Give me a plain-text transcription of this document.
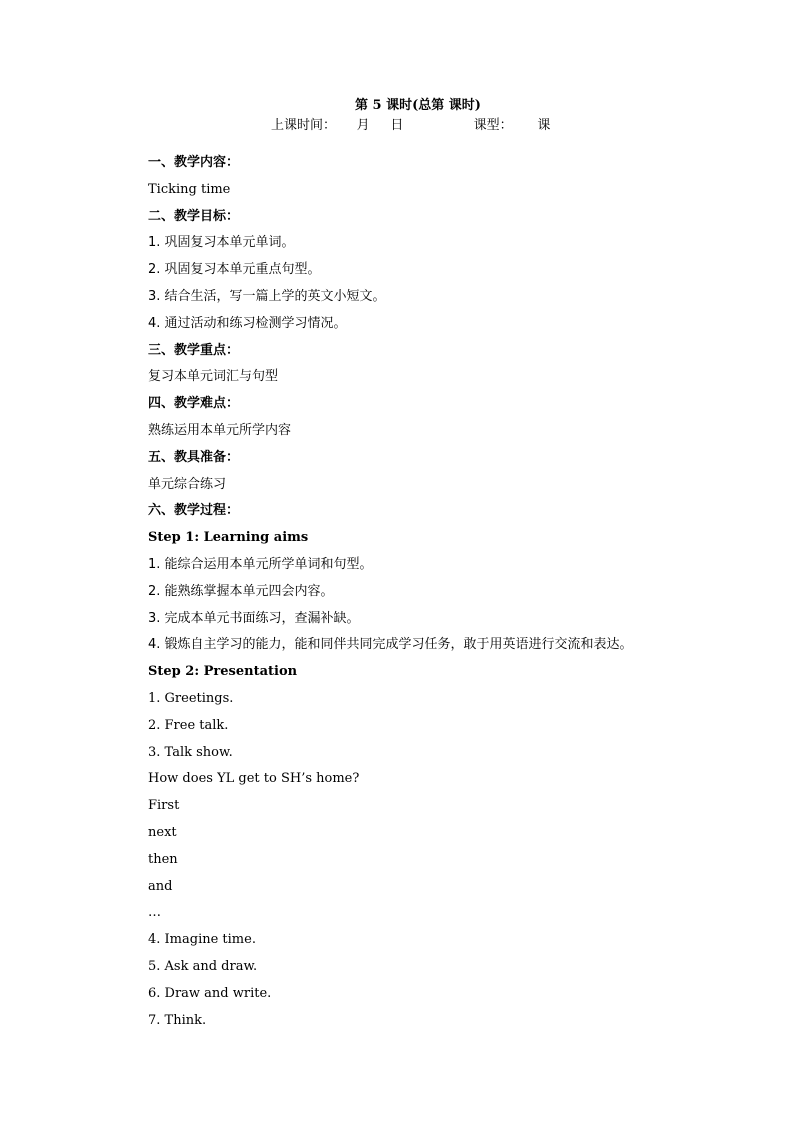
第 5 课时(总第 课时)
上课时间：     月     日                 课型：      课
一、教学内容：
Ticking time
二、教学目标：
1. 巩固复习本单元单词。
2. 巩固复习本单元重点句型。
3. 结合生活，写一篇上学的英文小短文。
4. 通过活动和练习检测学习情况。
三、教学重点：
复习本单元词汇与句型
四、教学难点：
熟练运用本单元所学内容
五、教具准备：
单元综合练习
六、教学过程：
Step 1: Learning aims
1. 能综合运用本单元所学单词和句型。
2. 能熟练掌握本单元四会内容。
3. 完成本单元书面练习，查漏补缺。
4. 锻炼自主学习的能力，能和同伴共同完成学习任务，敢于用英语进行交流和表达。
Step 2: Presentation
1. Greetings.
2. Free talk.
3. Talk show.
How does YL get to SH’s home?
First
next
then
and
…
4. Imagine time.
5. Ask and draw.
6. Draw and write.
7. Think.
